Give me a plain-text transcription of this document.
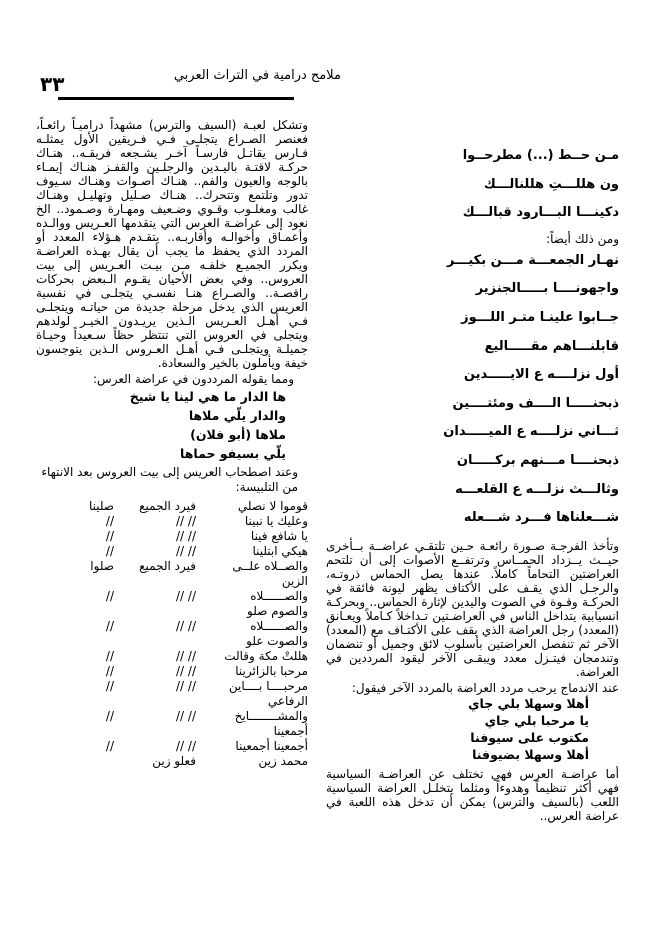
٣٣	ملامح درامية في التراث العربي
مـن حــط (...) مطرحــوا
ون هللـــتِ هللنالـــك
دكينـــا البـــارود قبالـــك
ومن ذلك أيضاً:
نهـار الجمعـــة مـــن بكيـــر
واجهونــــا بـــــالجنزير
جــابوا علينـا متـر اللـــوز
قابلنـــاهم مقـــــاليع
أول نزلــــه ع الايـــــدين
ذبحنـــــا الــــف ومئتــــين
ثـــاني نزلــــه ع الميـــــدان
ذبحنــــا مـــنهم بركـــــان
وثالـــث نزلـــه ع القلعـــه
شـــعلناها فـــرد شـــعله

وتأخذ الفرجـة صـورة رائعـة حـين تلتقـي عراضــة بــأخرى حيــث يــزداد الحمــاس وترتفــع الأصوات إلى أن تلتحم العراضتين التحاماً كاملاً. عندها يصل الحماس ذروتـه، والرجـل الذي يقـف على الأكتاف يظهر ليونة فائقة في الحركـة وقـوة في الصوت واليدين لإثارة الحماس.. وبحركـة انسيابية يتداخل الناس في العراضـتين تـداخلاً كـاملاً ويعـانق (المعدد) رجل العراضة الذي يقف على الأكتـاف مع (المعدد) الآخر ثم تنفصل العراضتين بأسلوب لائق وجميل أو تنضمان وتندمجان فيتـزل معدد ويبقـى الآخر ليقود المرددين في العراضة.

عند الاندماج يرحب مردد العراضة بالمردد الآخر فيقول:

أهلا وسهلا بلي جاي
يا مرحبا بلي جاي
مكتوب على سيوفنا
أهلا وسهلا بضيوفنا

أما عراضـة العرس فهي تختلف عن العراضـة السياسية فهي أكثر تنظيماً وهدوءاً ومثلما يتخلـل العراضة السياسية اللعب (بالسيف والترس) يمكن أن تدخل هذه اللعبة في عراضة العرس..

وتشكل لعبـة (السيف والترس) مشهداً دراميـاً رائعـاً، فعنصر الصـراع يتجلـى فـي فـريقين الأول يمثلـه فـارس يقاتـل فارسـاً آخـر يشـجعه فريقـه.. هنـاك حركـة لاقتـة باليـدين والرجلـين والقفـز هنـاك إيمـاء بالوجه والعيون والفم.. هنـاك أصـوات وهنـاك سـيوف تدور وتلتمع وتتحرك.. هنـاك صـليل وتهليـل وهنـاك غالب ومغلـوب وقـوي وضـعيف ومهـارة وصـمود.. الخ نعود إلى عراضـة العرس التي يتقدمها العـريس ووالـده وأعمـاق وأخوالـه وأقاربـه.. يتقـدم هـؤلاء المعدد أو المردد الذي يحفظ ما يجب أن يقال بهـذه العراضـة ويكرر الجميـع خلفـه مـن بيـت العـريس إلى بيت العروس.. وفي بعض الأحيان يقـوم الـبعض بحركات راقصـة.. والصـراع هنـا نفسـي يتجلـى في نفسية العريس الذي يدخل مرحلة جديدة من حياتـه ويتجلـى فـي أهـل العـريس الـذين يريـدون الخيـر لولدهم ويتجلى في العروس التي تنتظر حظاً سـعيداً وحيـاة جميلـة ويتجلـى فـي أهـل العـروس الـذين يتوجسون خيفة ويأملون بالخير والسعادة.

ومما يقوله المرددون في عراضة العرس:

ها الدار ما هي لينا يا شيخ
والدار يلّي ملاها
ملاها (أبو فلان)
يلّي بسيفو حماها

وعند اصطحاب العريس إلى بيت العروس بعد الانتهاء من التلبيسة:

قوموا لا نصلي
فيرد الجميع
صلينا
وعليك يا نبينا
// //
//
يا شافع فينا
// //
//
هيكي ابتلينا
// //
//
والصــلاه علــى
فيرد الجميع
صلوا
الزين
والصــــــلاه
// //
//
والصوم صلو
والصــــــلاه
// //
//
والصوت علو
هللتْ مكة وقالت
// //
//
مرحبا بالزائرينا
// //
//
مرحبــــا بــــاين
// //
//
الرفاعي
والمشــــــــايخ
// //
//
أجمعينا
أجمعينا أجمعينا
// //
//
محمد زين
فعلو زين
